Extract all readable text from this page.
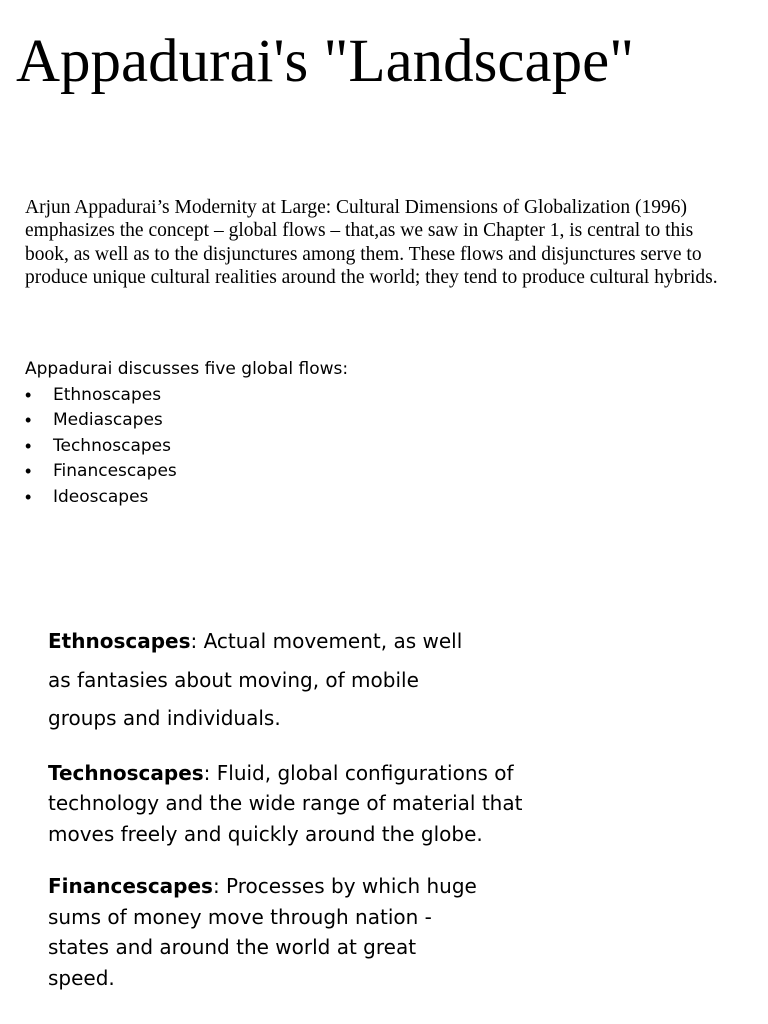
Appadurai's "Landscape"

Arjun Appadurai’s Modernity at Large: Cultural Dimensions of Globalization (1996) emphasizes the concept – global flows – that,as we saw in Chapter 1, is central to this book, as well as to the disjunctures among them. These flows and disjunctures serve to produce unique cultural realities around the world; they tend to produce cultural hybrids.

Appadurai discusses five global flows:

• Ethnoscapes
• Mediascapes
• Technoscapes
• Financescapes
• Ideoscapes

Ethnoscapes: Actual movement, as well as fantasies about moving, of mobile groups and individuals.

Technoscapes: Fluid, global configurations of technology and the wide range of material that moves freely and quickly around the globe.

Financescapes: Processes by which huge sums of money move through nation - states and around the world at great speed.
